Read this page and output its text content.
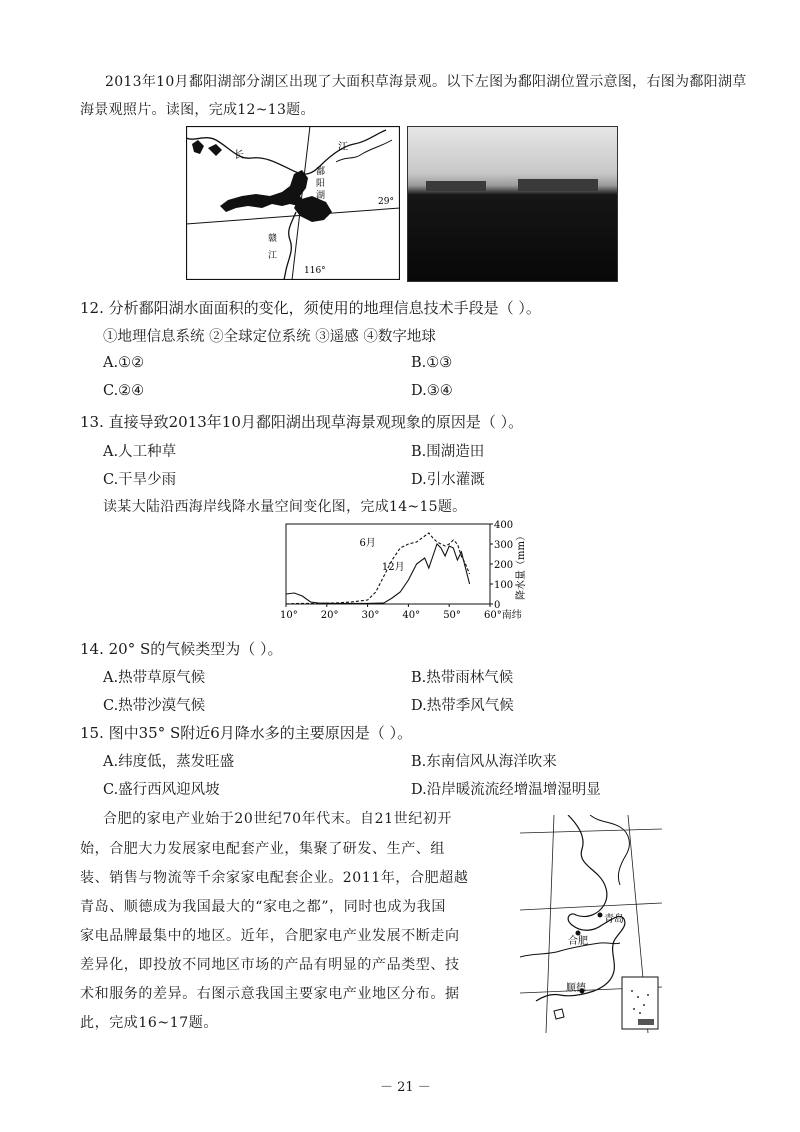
2013年10月鄱阳湖部分湖区出现了大面积草海景观。以下左图为鄱阳湖位置示意图，右图为鄱阳湖草
海景观照片。读图，完成12~13题。
长
江
鄱
阳
湖
29°
赣
江
116°
12. 分析鄱阳湖水面面积的变化，须使用的地理信息技术手段是（ ）。
①地理信息系统 ②全球定位系统 ③遥感 ④数字地球
A.①②	B.①③
C.②④	D.③④
13. 直接导致2013年10月鄱阳湖出现草海景观现象的原因是（ ）。
A.人工种草	B.围湖造田
C.干旱少雨	D.引水灌溉
读某大陆沿西海岸线降水量空间变化图，完成14~15题。
10° 20° 30° 40° 50° 60°南纬
0
100
200
300
400
降水量（mm）
6月
12月
14. 20° S的气候类型为（ ）。
A.热带草原气候	B.热带雨林气候
C.热带沙漠气候	D.热带季风气候
15. 图中35° S附近6月降水多的主要原因是（ ）。
A.纬度低，蒸发旺盛	B.东南信风从海洋吹来
C.盛行西风迎风坡	D.沿岸暖流流经增温增湿明显
合肥的家电产业始于20世纪70年代末。自21世纪初开
始，合肥大力发展家电配套产业，集聚了研发、生产、组
装、销售与物流等千余家家电配套企业。2011年，合肥超越
青岛、顺德成为我国最大的“家电之都”，同时也成为我国
家电品牌最集中的地区。近年，合肥家电产业发展不断走向
差异化，即投放不同地区市场的产品有明显的产品类型、技
术和服务的差异。右图示意我国主要家电产业地区分布。据
此，完成16~17题。
青岛
合肥
顺德
－ 21 －
